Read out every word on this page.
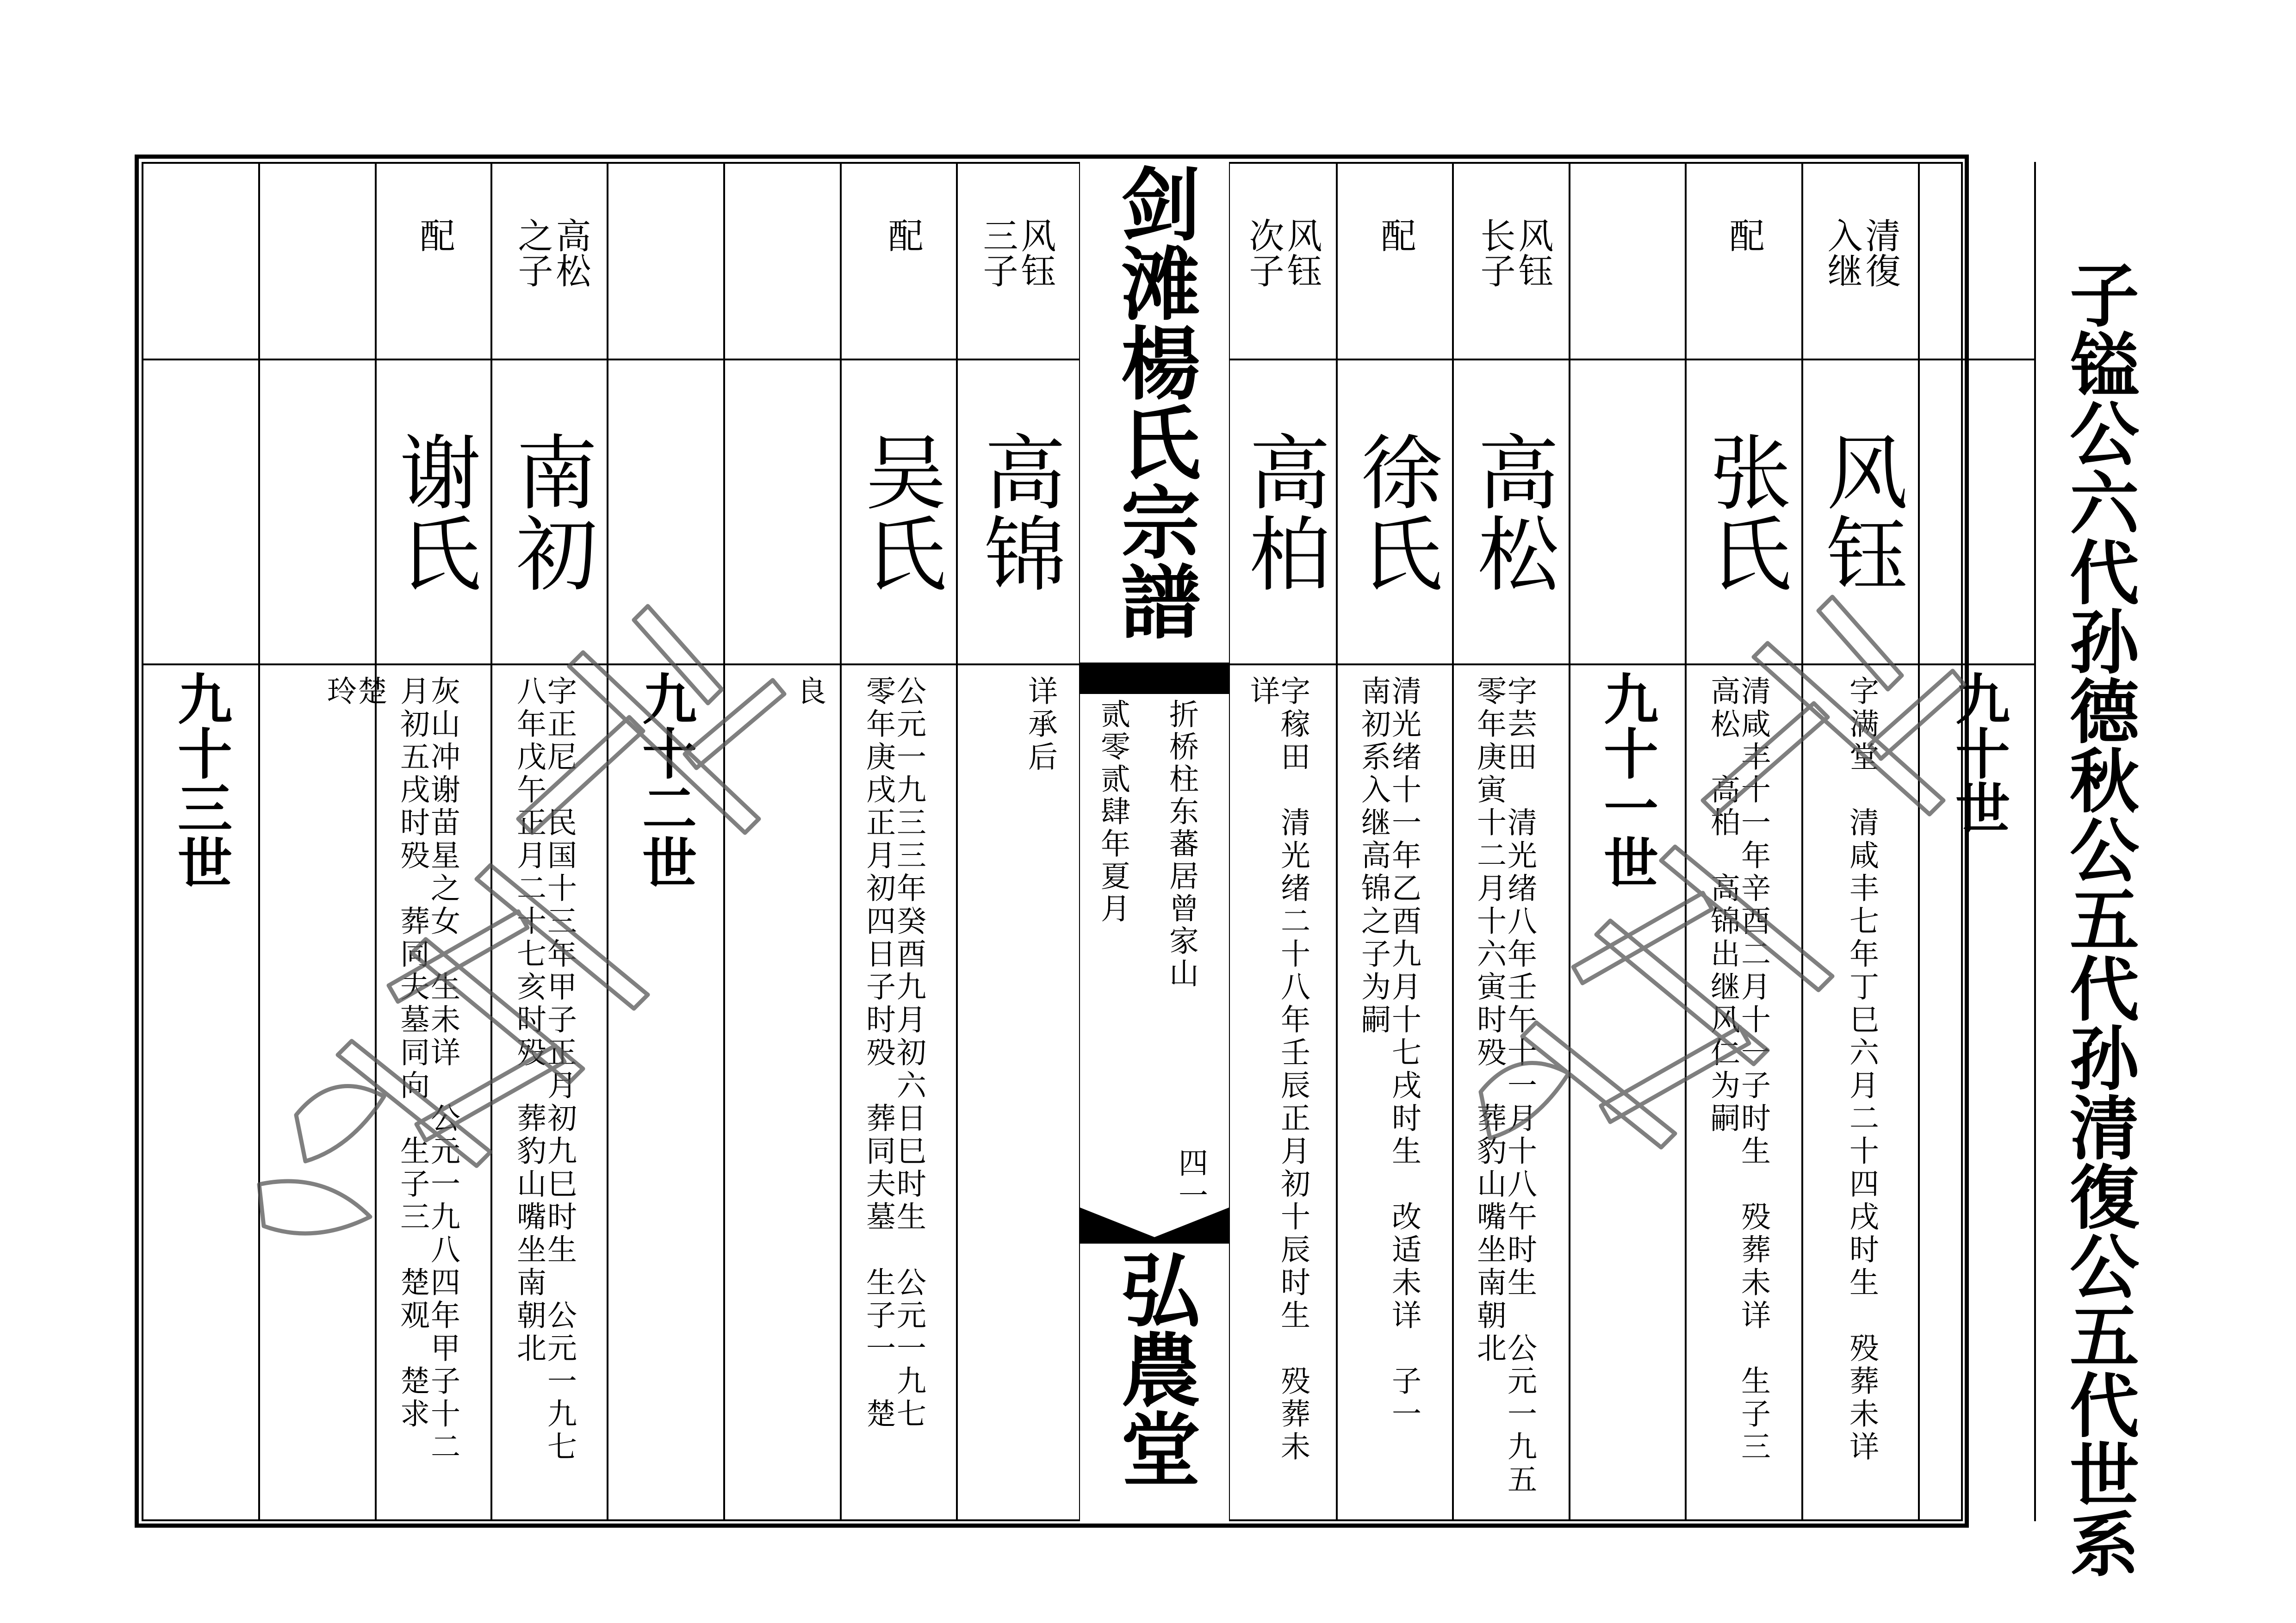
剑滩楊氏宗譜
折桥柱东蕃居曾家山
贰零贰肆年夏月
四一
弘農堂	子镒公六代孙德秋公五代孙清復公五代世系
九十世
九十一世
九十二世
九十三世
清復
入继
风钰
字满堂　清咸丰七年丁巳六月二十四戌时生　殁葬未详
配
张氏
清咸丰十一年辛酉二月十一子时生　殁葬未详　生子三
高松　高柏　高锦出继风仁为嗣
风钰
长子
高松
字芸田　清光绪八年壬午十一月十八午时生　公元一九五
零年庚寅十二月十六寅时殁　葬豹山嘴坐南朝北
配
徐氏
清光绪十一年乙酉九月十七戌时生　改适未详　子一
南初系入继高锦之子为嗣
风钰
次子
高柏
字稼田　清光绪二十八年壬辰正月初十辰时生　殁葬未
详
风钰
三子
高锦
详承后
配
吴氏
公元一九三三年癸酉九月初六日巳时生　公元一九七
零年庚戌正月初四日子时殁　葬同夫墓　生子一　楚
良
高松
之子
南初
字正尼　民国十三年甲子正月初九巳时生　公元一九七
八年戊午正月二十七亥时殁　葬豹山嘴坐南朝北
配
谢氏
灰山冲谢苗星之女　生未详　公元一九八四年甲子十二
月初五戌时殁　葬同夫墓同向　生子三　楚观　楚求
楚
玲
